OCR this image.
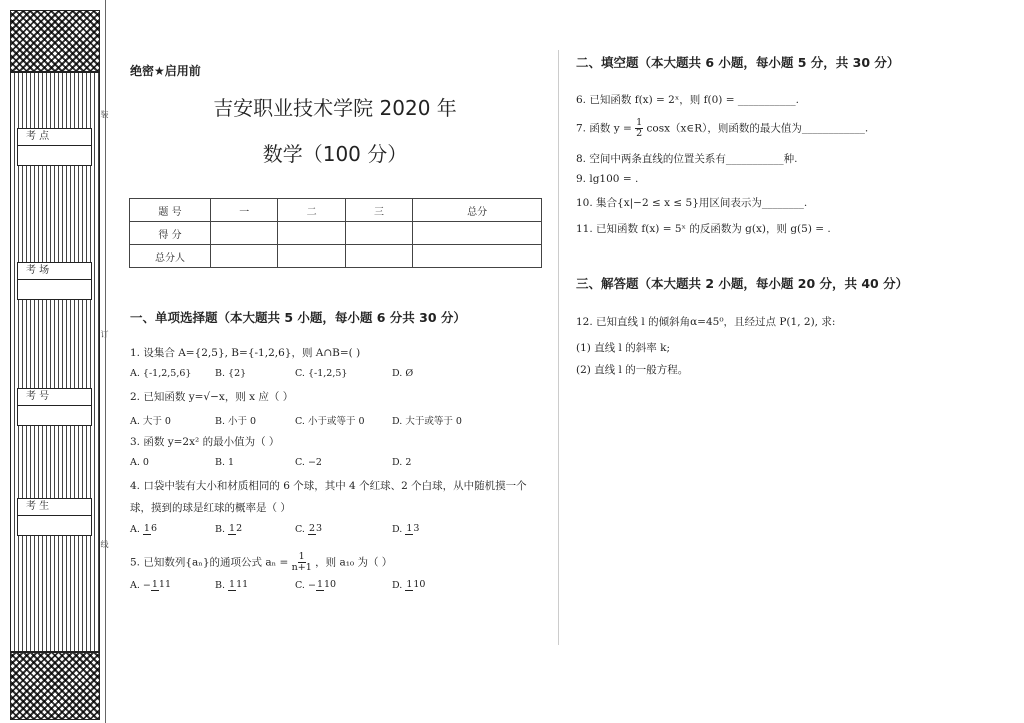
考 点
考 场
考 号
考 生
绝密★启用前
吉安职业技术学院 2020 年
数学（100 分）
题 号	一	二	三	总分
得 分				
总分人				
一、单项选择题（本大题共 5 小题，每小题 6 分共 30 分）
1. 设集合 A={2,5}, B={-1,2,6}，则 A∩B=( )
A. {-1,2,5,6}	B. {2}	C. {-1,2,5}	D. Ø
2. 已知函数 y=√−x，则 x 应（ ）
A. 大于 0	B. 小于 0	C. 小于或等于 0	D. 大于或等于 0
3. 函数 y=2x² 的最小值为（ ）
A. 0	B. 1	C. −2	D. 2
4. 口袋中装有大小和材质相同的 6 个球，其中 4 个红球、2 个白球，从中随机摸一个
球，摸到的球是红球的概率是（ ）
A. 16	B. 12	C. 23	D. 13
5. 已知数列{aₙ}的通项公式 $a_n = \frac{1}{n+1}$ ，则 a₁₀ 为（ ）
A. −111	B. 111	C. −110	D. 110
二、填空题（本大题共 6 小题，每小题 5 分，共 30 分）
6. 已知函数 f(x) = 2ˣ，则 f(0) = ___________.
7. 函数 $y = \frac{1}{2}$ cosx（x∈R），则函数的最大值为____________.
8. 空间中两条直线的位置关系有___________种.
9. lg100 = .
10. 集合{x|−2 ≤ x ≤ 5}用区间表示为________.
11. 已知函数 f(x) = 5ˣ 的反函数为 g(x)，则 g(5) = .
三、解答题（本大题共 2 小题，每小题 20 分，共 40 分）
12. 已知直线 l 的倾斜角α=45⁰，且经过点 P(1, 2), 求:
(1) 直线 l 的斜率 k;
(2) 直线 l 的一般方程。
